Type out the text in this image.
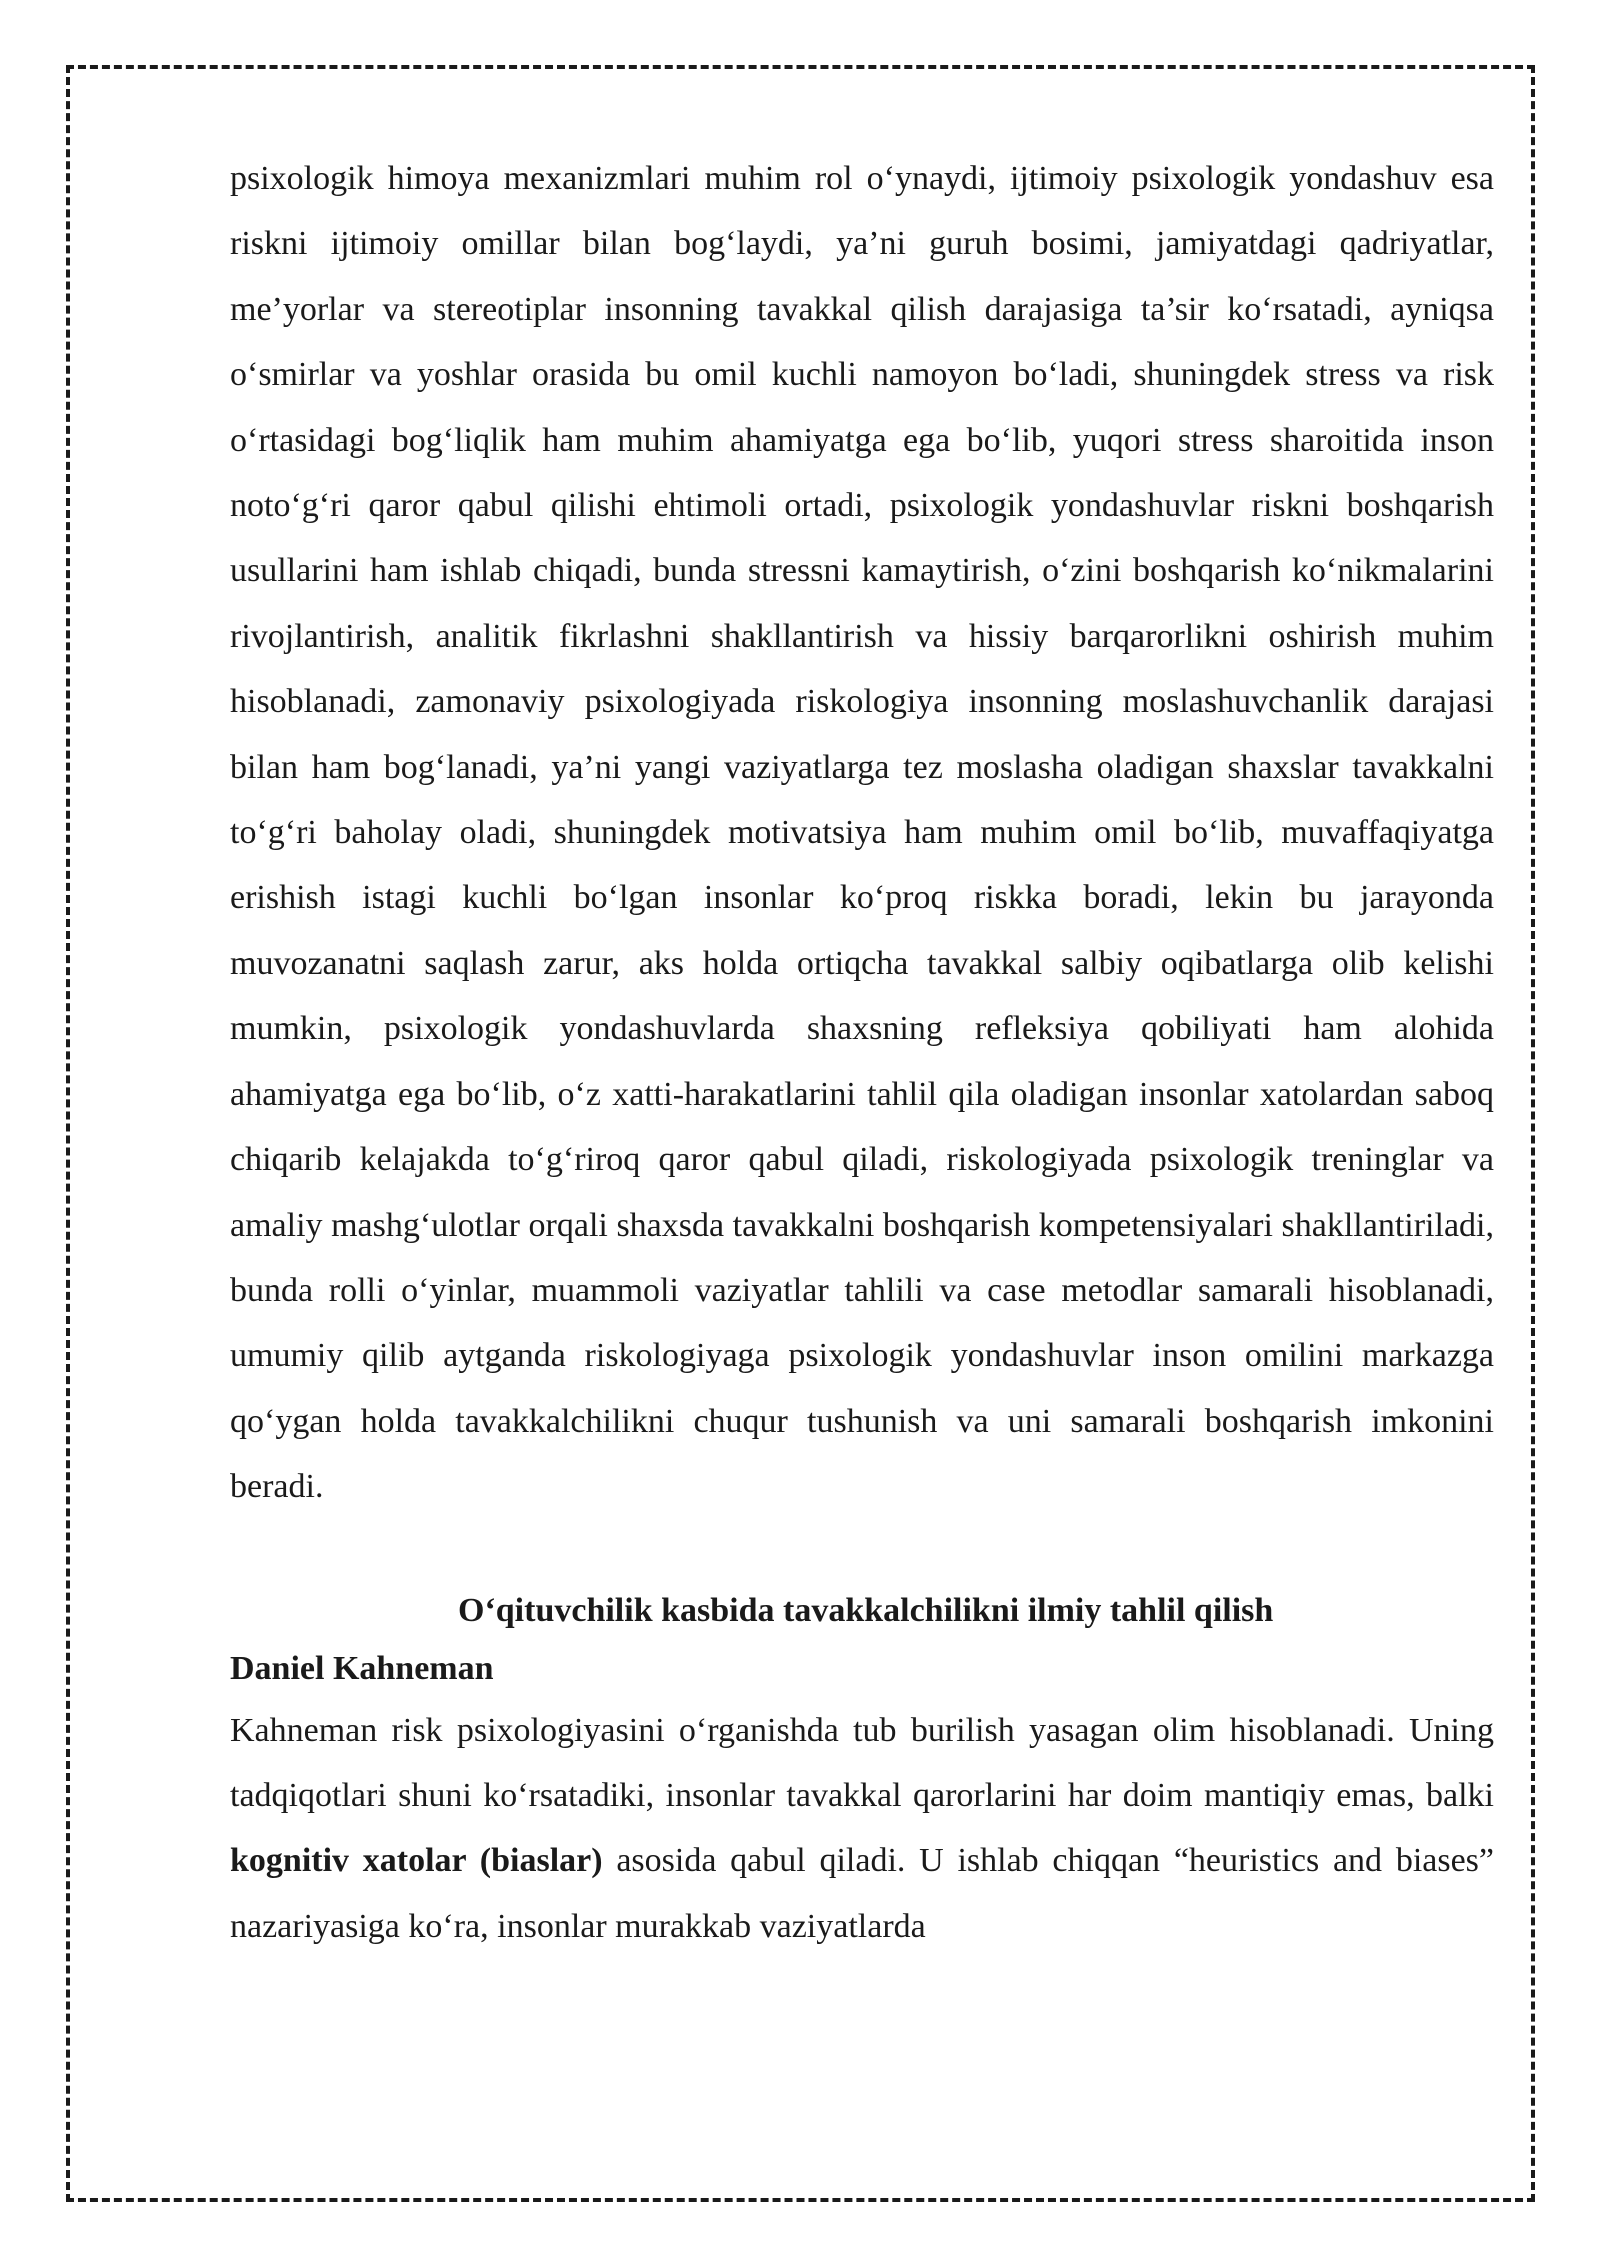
psixologik himoya mexanizmlari muhim rol o‘ynaydi, ijtimoiy psixologik yondashuv esa riskni ijtimoiy omillar bilan bog‘laydi, ya’ni guruh bosimi, jamiyatdagi qadriyatlar, me’yorlar va stereotiplar insonning tavakkal qilish darajasiga ta’sir ko‘rsatadi, ayniqsa o‘smirlar va yoshlar orasida bu omil kuchli namoyon bo‘ladi, shuningdek stress va risk o‘rtasidagi bog‘liqlik ham muhim ahamiyatga ega bo‘lib, yuqori stress sharoitida inson noto‘g‘ri qaror qabul qilishi ehtimoli ortadi, psixologik yondashuvlar riskni boshqarish usullarini ham ishlab chiqadi, bunda stressni kamaytirish, o‘zini boshqarish ko‘nikmalarini rivojlantirish, analitik fikrlashni shakllantirish va hissiy barqarorlikni oshirish muhim hisoblanadi, zamonaviy psixologiyada riskologiya insonning moslashuvchanlik darajasi bilan ham bog‘lanadi, ya’ni yangi vaziyatlarga tez moslasha oladigan shaxslar tavakkalni to‘g‘ri baholay oladi, shuningdek motivatsiya ham muhim omil bo‘lib, muvaffaqiyatga erishish istagi kuchli bo‘lgan insonlar ko‘proq riskka boradi, lekin bu jarayonda muvozanatni saqlash zarur, aks holda ortiqcha tavakkal salbiy oqibatlarga olib kelishi mumkin, psixologik yondashuvlarda shaxsning refleksiya qobiliyati ham alohida ahamiyatga ega bo‘lib, o‘z xatti-harakatlarini tahlil qila oladigan insonlar xatolardan saboq chiqarib kelajakda to‘g‘riroq qaror qabul qiladi, riskologiyada psixologik treninglar va amaliy mashg‘ulotlar orqali shaxsda tavakkalni boshqarish kompetensiyalari shakllantiriladi, bunda rolli o‘yinlar, muammoli vaziyatlar tahlili va case metodlar samarali hisoblanadi, umumiy qilib aytganda riskologiyaga psixologik yondashuvlar inson omilini markazga qo‘ygan holda tavakkalchilikni chuqur tushunish va uni samarali boshqarish imkonini beradi.

O‘qituvchilik kasbida tavakkalchilikni ilmiy tahlil qilish

Daniel Kahneman

Kahneman risk psixologiyasini o‘rganishda tub burilish yasagan olim hisoblanadi. Uning tadqiqotlari shuni ko‘rsatadiki, insonlar tavakkal qarorlarini har doim mantiqiy emas, balki kognitiv xatolar (biaslar) asosida qabul qiladi. U ishlab chiqqan “heuristics and biases” nazariyasiga ko‘ra, insonlar murakkab vaziyatlarda
